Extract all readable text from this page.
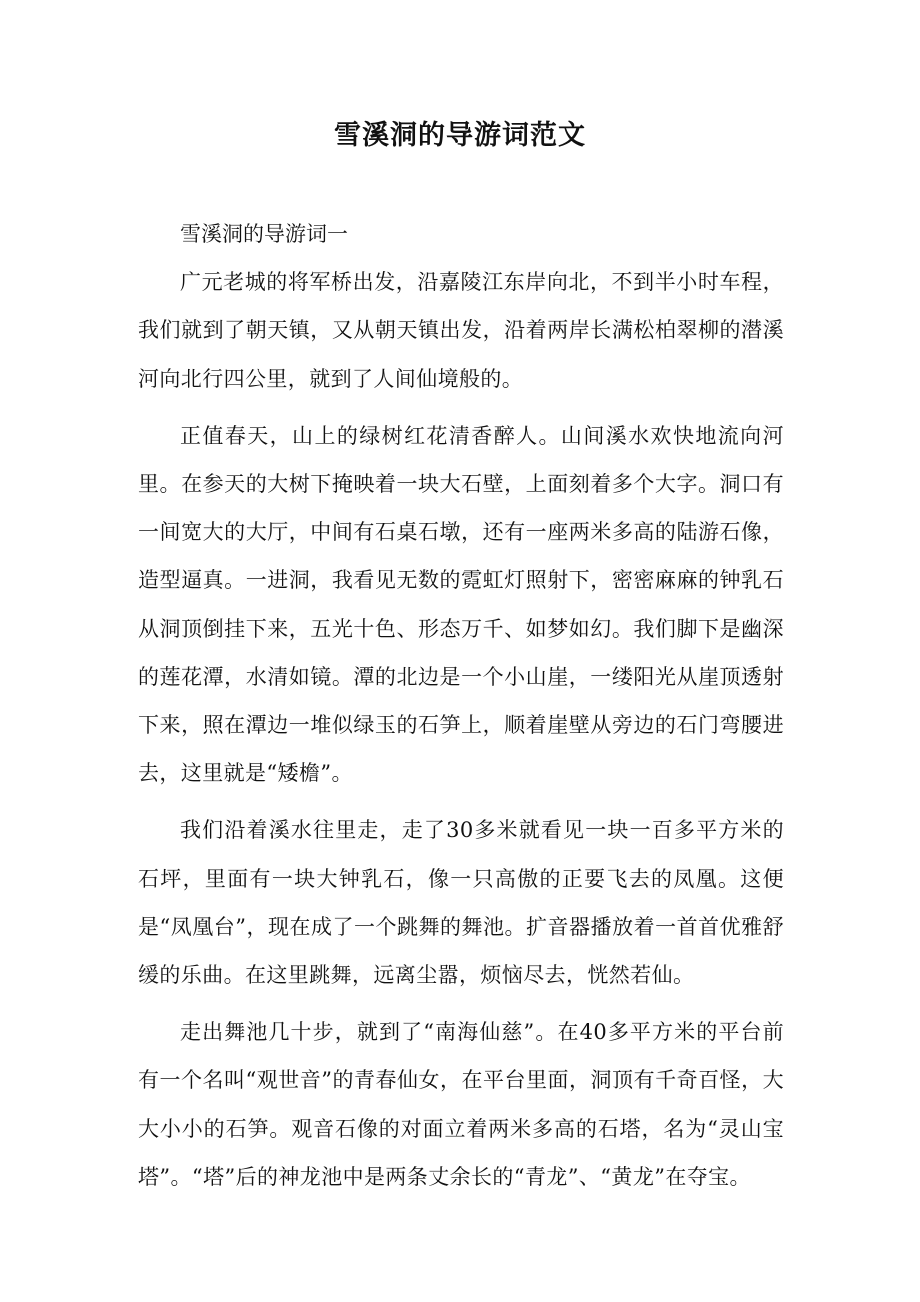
雪溪洞的导游词范文

雪溪洞的导游词一

广元老城的将军桥出发，沿嘉陵江东岸向北，不到半小时车程，我们就到了朝天镇，又从朝天镇出发，沿着两岸长满松柏翠柳的潜溪河向北行四公里，就到了人间仙境般的。

正值春天，山上的绿树红花清香醉人。山间溪水欢快地流向河里。在参天的大树下掩映着一块大石壁，上面刻着多个大字。洞口有一间宽大的大厅，中间有石桌石墩，还有一座两米多高的陆游石像，造型逼真。一进洞，我看见无数的霓虹灯照射下，密密麻麻的钟乳石从洞顶倒挂下来，五光十色、形态万千、如梦如幻。我们脚下是幽深的莲花潭，水清如镜。潭的北边是一个小山崖，一缕阳光从崖顶透射下来，照在潭边一堆似绿玉的石笋上，顺着崖壁从旁边的石门弯腰进去，这里就是“矮檐”。

我们沿着溪水往里走，走了30多米就看见一块一百多平方米的石坪，里面有一块大钟乳石，像一只高傲的正要飞去的凤凰。这便是“凤凰台”，现在成了一个跳舞的舞池。扩音器播放着一首首优雅舒缓的乐曲。在这里跳舞，远离尘嚣，烦恼尽去，恍然若仙。

走出舞池几十步，就到了“南海仙慈”。在40多平方米的平台前有一个名叫“观世音”的青春仙女，在平台里面，洞顶有千奇百怪，大大小小的石笋。观音石像的对面立着两米多高的石塔，名为“灵山宝塔”。“塔”后的神龙池中是两条丈余长的“青龙”、“黄龙”在夺宝。
